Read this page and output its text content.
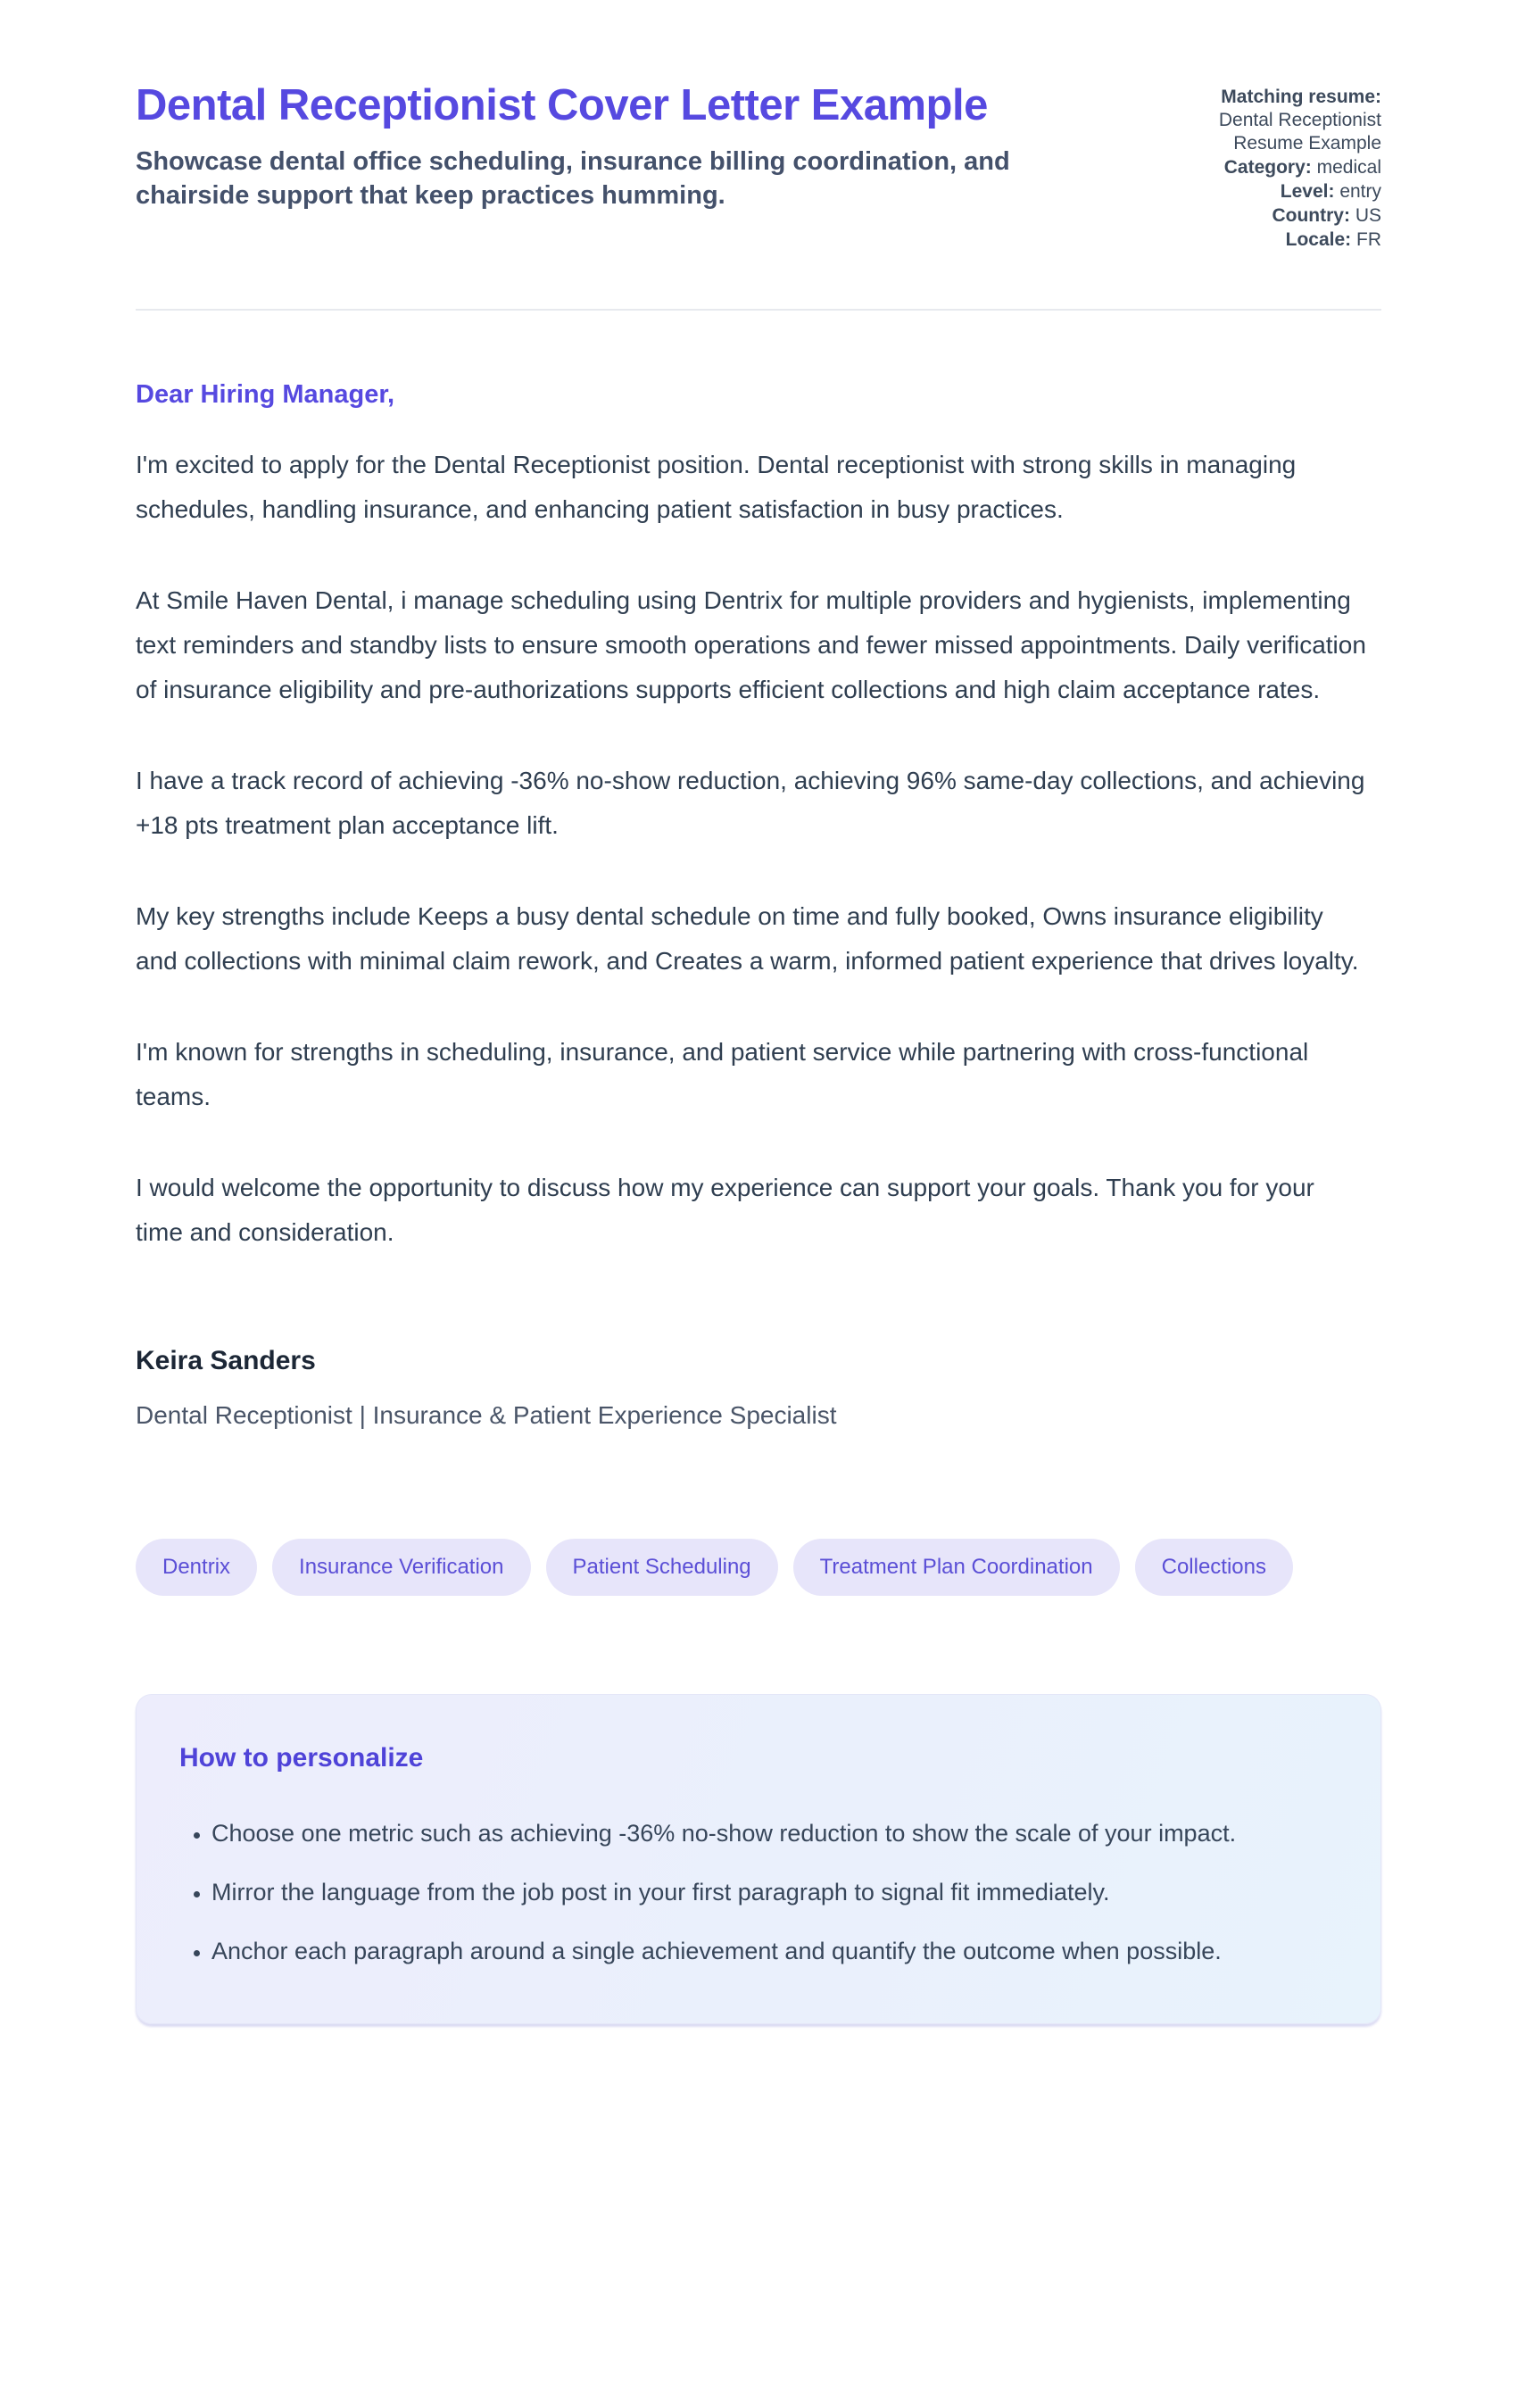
Dental Receptionist Cover Letter Example

Showcase dental office scheduling, insurance billing coordination, and chairside support that keep practices humming.

Matching resume:
Dental Receptionist Resume Example
Category: medical
Level: entry
Country: US
Locale: FR

Dear Hiring Manager,

I'm excited to apply for the Dental Receptionist position. Dental receptionist with strong skills in managing schedules, handling insurance, and enhancing patient satisfaction in busy practices.

At Smile Haven Dental, i manage scheduling using Dentrix for multiple providers and hygienists, implementing text reminders and standby lists to ensure smooth operations and fewer missed appointments. Daily verification of insurance eligibility and pre-authorizations supports efficient collections and high claim acceptance rates.

I have a track record of achieving -36% no-show reduction, achieving 96% same-day collections, and achieving +18 pts treatment plan acceptance lift.

My key strengths include Keeps a busy dental schedule on time and fully booked, Owns insurance eligibility and collections with minimal claim rework, and Creates a warm, informed patient experience that drives loyalty.

I'm known for strengths in scheduling, insurance, and patient service while partnering with cross-functional teams.

I would welcome the opportunity to discuss how my experience can support your goals. Thank you for your time and consideration.

Keira Sanders
Dental Receptionist | Insurance & Patient Experience Specialist
Dentrix	Insurance Verification	Patient Scheduling	Treatment Plan Coordination	Collections
How to personalize
• Choose one metric such as achieving -36% no-show reduction to show the scale of your impact.
• Mirror the language from the job post in your first paragraph to signal fit immediately.
• Anchor each paragraph around a single achievement and quantify the outcome when possible.
